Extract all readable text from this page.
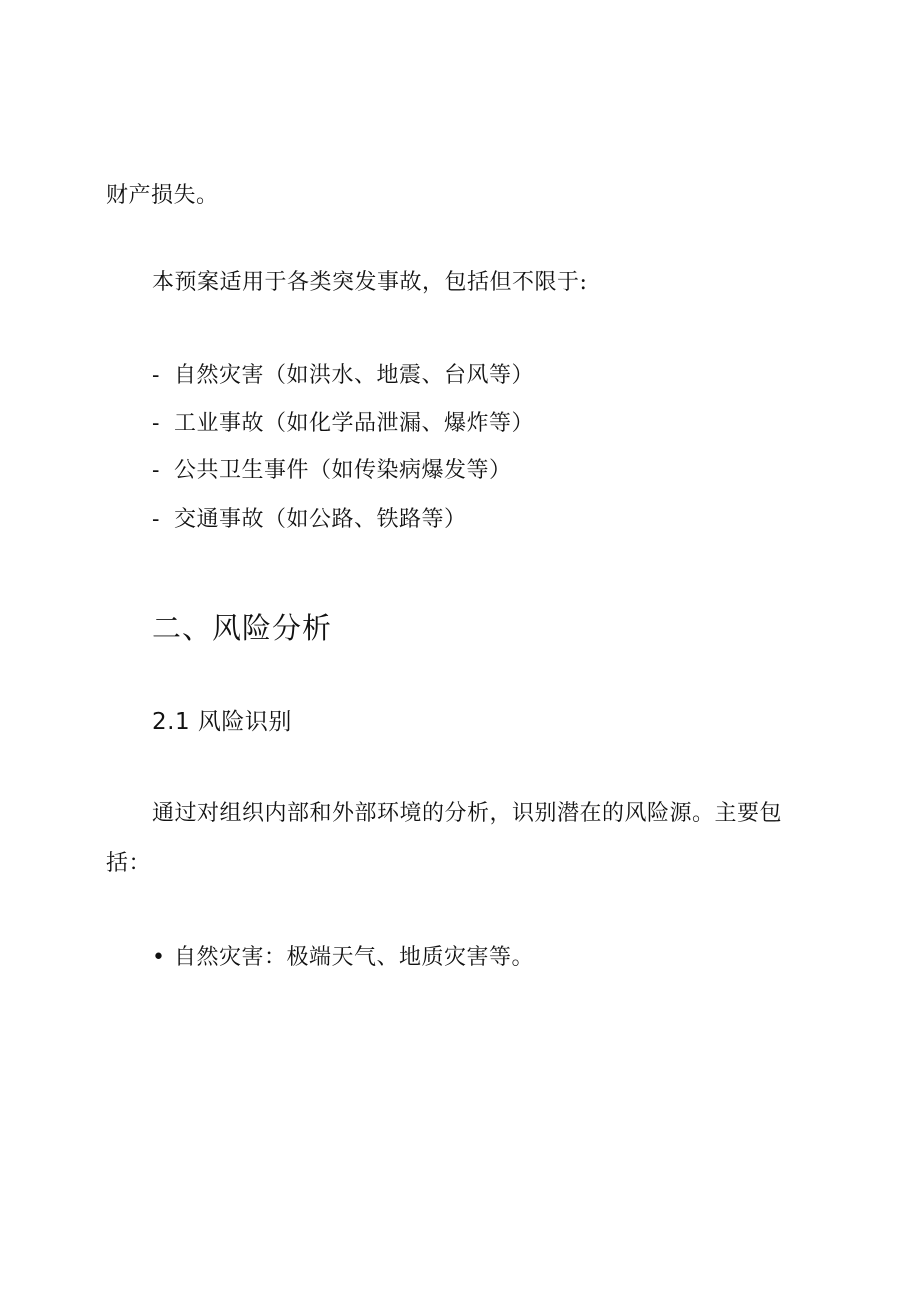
财产损失。
本预案适用于各类突发事故，包括但不限于:
- 自然灾害（如洪水、地震、台风等）
- 工业事故（如化学品泄漏、爆炸等）
- 公共卫生事件（如传染病爆发等）
- 交通事故（如公路、铁路等）
二、风险分析
2.1 风险识别
通过对组织内部和外部环境的分析，识别潜在的风险源。主要包
括：
• 自然灾害：极端天气、地质灾害等。
